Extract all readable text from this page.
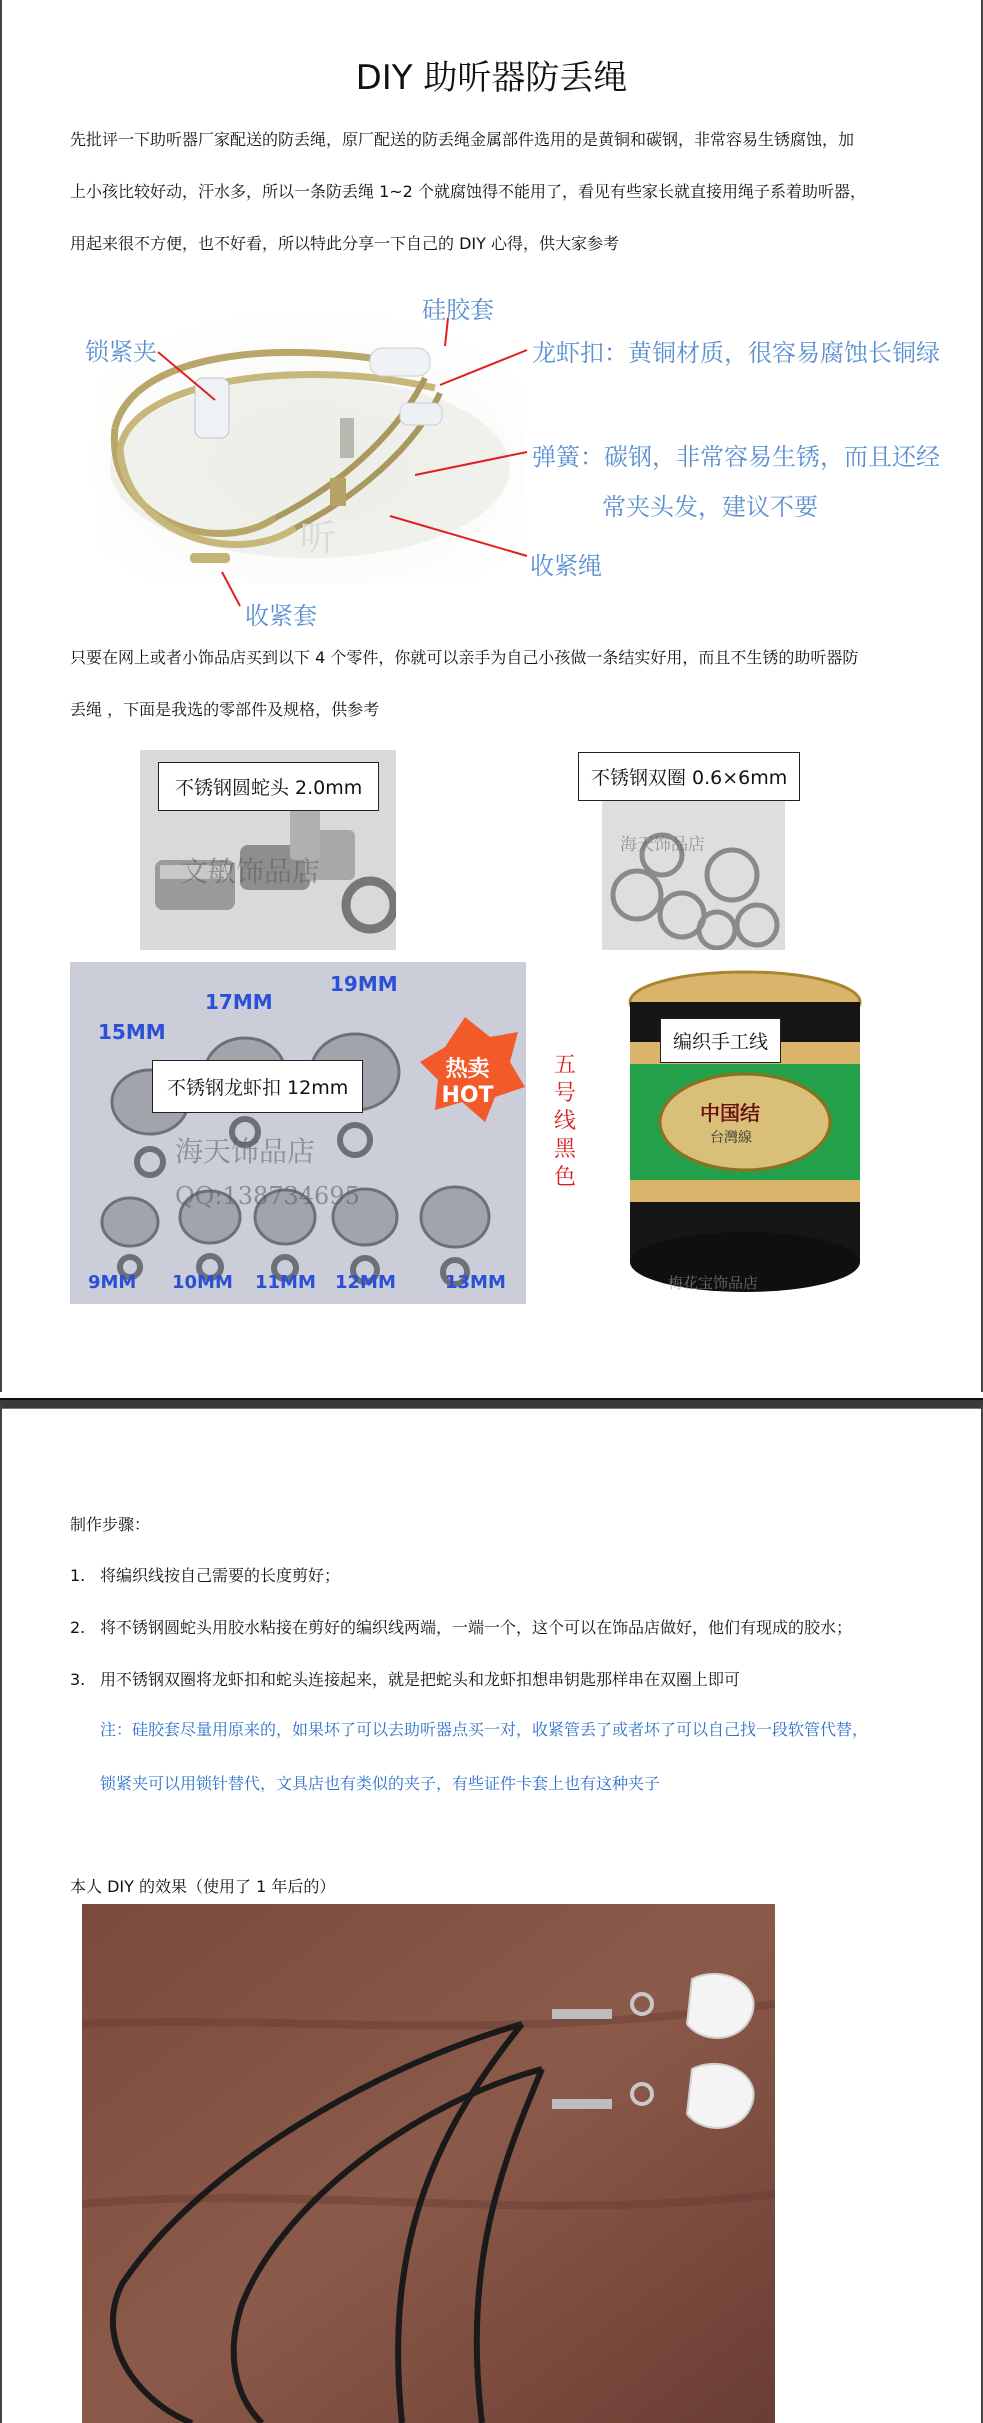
DIY 助听器防丢绳
先批评一下助听器厂家配送的防丢绳，原厂配送的防丢绳金属部件选用的是黄铜和碳钢，非常容易生锈腐蚀，加
上小孩比较好动，汗水多，所以一条防丢绳 1~2 个就腐蚀得不能用了，看见有些家长就直接用绳子系着助听器，
用起来很不方便，也不好看，所以特此分享一下自己的 DIY 心得，供大家参考
听
硅胶套
锁紧夹	龙虾扣：黄铜材质，很容易腐蚀长铜绿
弹簧：碳钢，非常容易生锈，而且还经
常夹头发，建议不要
收紧绳
收紧套
只要在网上或者小饰品店买到以下 4 个零件，你就可以亲手为自己小孩做一条结实好用，而且不生锈的助听器防
丢绳 ，下面是我选的零部件及规格，供参考
文敏饰品店
不锈钢圆蛇头 2.0mm
海天饰品店
不锈钢双圈 0.6×6mm
热卖
HOT
海天饰品店
QQ:138734695
15MM
17MM
19MM
9MM 10MM 11MM 12MM	13MM
不锈钢龙虾扣 12mm
五
号
线
黑
色
中国结
台灣線
梅花宝饰品店
编织手工线
制作步骤：
1. 将编织线按自己需要的长度剪好；
2. 将不锈钢圆蛇头用胶水粘接在剪好的编织线两端，一端一个，这个可以在饰品店做好，他们有现成的胶水；
3. 用不锈钢双圈将龙虾扣和蛇头连接起来，就是把蛇头和龙虾扣想串钥匙那样串在双圈上即可
注：硅胶套尽量用原来的，如果坏了可以去助听器点买一对，收紧管丢了或者坏了可以自己找一段软管代替，
锁紧夹可以用锁针替代，文具店也有类似的夹子，有些证件卡套上也有这种夹子
本人 DIY 的效果（使用了 1 年后的）
